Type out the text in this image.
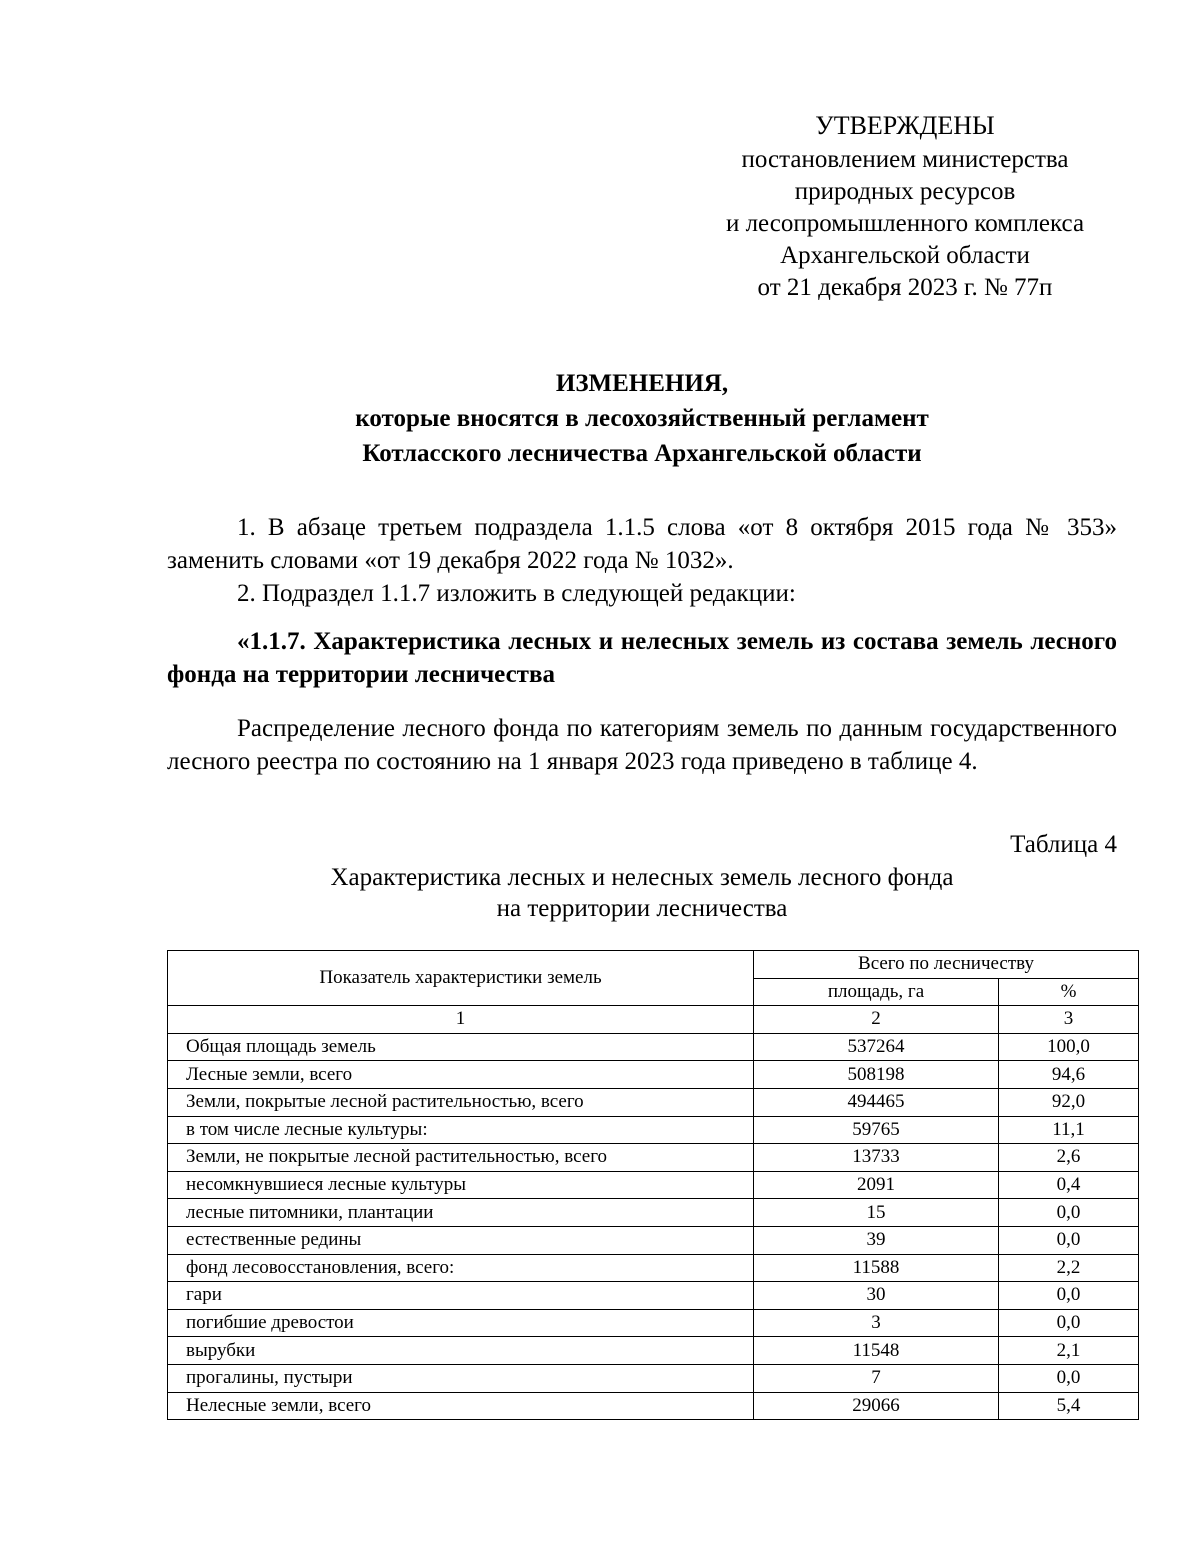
УТВЕРЖДЕНЫ
постановлением министерства
природных ресурсов
и лесопромышленного комплекса
Архангельской области
от 21 декабря 2023 г. № 77п
ИЗМЕНЕНИЯ,
которые вносятся в лесохозяйственный регламент
Котласского лесничества Архангельской области

1. В абзаце третьем подраздела 1.1.5 слова «от 8 октября 2015 года № 353» заменить словами «от 19 декабря 2022 года № 1032».

2. Подраздел 1.1.7 изложить в следующей редакции:

«1.1.7. Характеристика лесных и нелесных земель из состава земель лесного фонда на территории лесничества

Распределение лесного фонда по категориям земель по данным государственного лесного реестра по состоянию на 1 января 2023 года приведено в таблице 4.

Таблица 4
Характеристика лесных и нелесных земель лесного фонда
на территории лесничества
Показатель характеристики земель	Всего по лесничеству	
	площадь, га	%
1	2	3
Общая площадь земель	537264	100,0
Лесные земли, всего	508198	94,6
Земли, покрытые лесной растительностью, всего	494465	92,0
в том числе лесные культуры:	59765	11,1
Земли, не покрытые лесной растительностью, всего	13733	2,6
несомкнувшиеся лесные культуры	2091	0,4
лесные питомники, плантации	15	0,0
естественные редины	39	0,0
фонд лесовосстановления, всего:	11588	2,2
гари	30	0,0
погибшие древостои	3	0,0
вырубки	11548	2,1
прогалины, пустыри	7	0,0
Нелесные земли, всего	29066	5,4
